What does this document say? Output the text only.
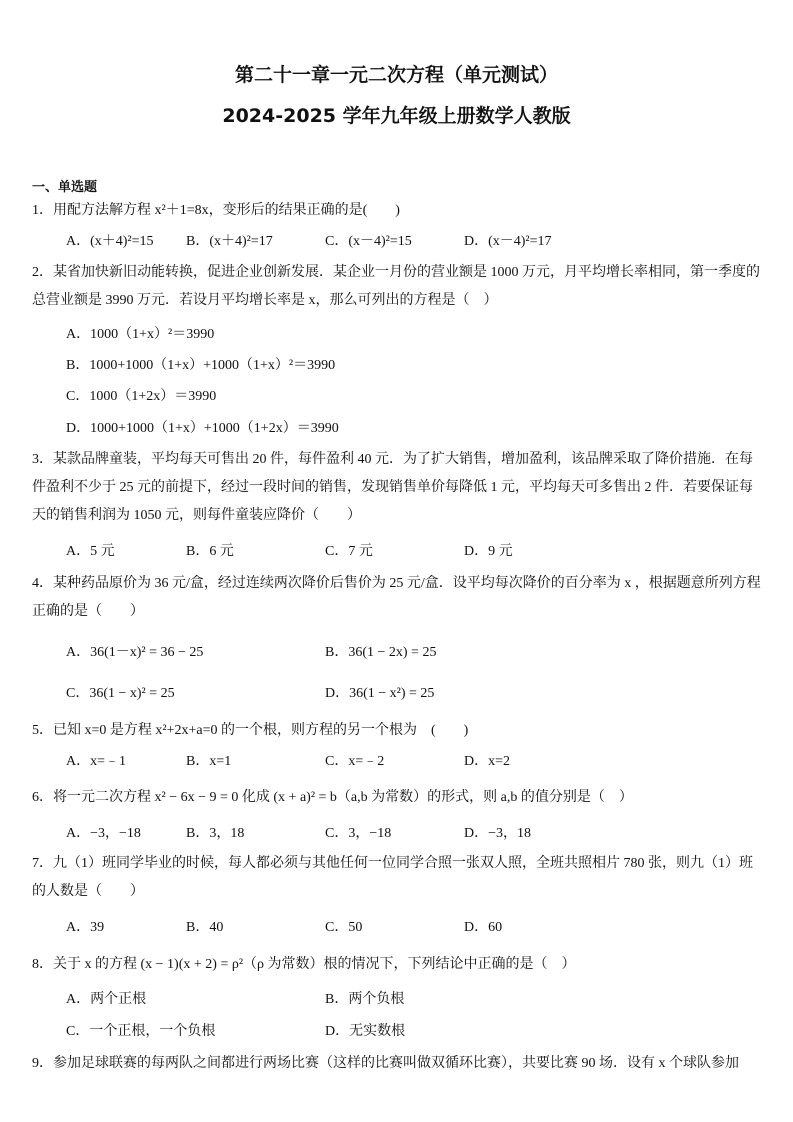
第二十一章一元二次方程（单元测试）
2024-2025 学年九年级上册数学人教版
一、单选题
1．用配方法解方程 x²＋1=8x，变形后的结果正确的是(　　)
A．(x＋4)²=15 B．(x＋4)²=17	C．(x－4)²=15	D．(x－4)²=17
2．某省加快新旧动能转换，促进企业创新发展．某企业一月份的营业额是 1000 万元，月平均增长率相同，第一季度的总营业额是 3990 万元．若设月平均增长率是 x，那么可列出的方程是（　）
A．1000（1+x）²＝3990
B．1000+1000（1+x）+1000（1+x）²＝3990
C．1000（1+2x）＝3990
D．1000+1000（1+x）+1000（1+2x）＝3990
3．某款品牌童装，平均每天可售出 20 件，每件盈利 40 元．为了扩大销售，增加盈利，该品牌采取了降价措施．在每件盈利不少于 25 元的前提下，经过一段时间的销售，发现销售单价每降低 1 元，平均每天可多售出 2 件．若要保证每天的销售利润为 1050 元，则每件童装应降价（　　）
A．5 元	B．6 元	C．7 元	D．9 元
4．某种药品原价为 36 元/盒，经过连续两次降价后售价为 25 元/盒．设平均每次降价的百分率为 x ，根据题意所列方程正确的是（　　）
A．36(1－x)² = 36 − 25	B．36(1 − 2x) = 25
C．36(1 − x)² = 25	D．36(1 − x²) = 25
5．已知 x=0 是方程 x²+2x+a=0 的一个根，则方程的另一个根为　(　　)
A．x=﹣1	B．x=1	C．x=﹣2	D．x=2
6．将一元二次方程 x² − 6x − 9 = 0 化成 (x + a)² = b（a,b 为常数）的形式，则 a,b 的值分别是（　）
A．−3，−18	B．3，18	C．3，−18	D．−3，18
7．九（1）班同学毕业的时候，每人都必须与其他任何一位同学合照一张双人照，全班共照相片 780 张，则九（1）班的人数是（　　）
A．39	B．40	C．50	D．60
8．关于 x 的方程 (x − 1)(x + 2) = ρ²（ρ 为常数）根的情况下，下列结论中正确的是（　）
A．两个正根	B．两个负根
C．一个正根，一个负根	D．无实数根
9．参加足球联赛的每两队之间都进行两场比赛（这样的比赛叫做双循环比赛），共要比赛 90 场．设有 x 个球队参加
